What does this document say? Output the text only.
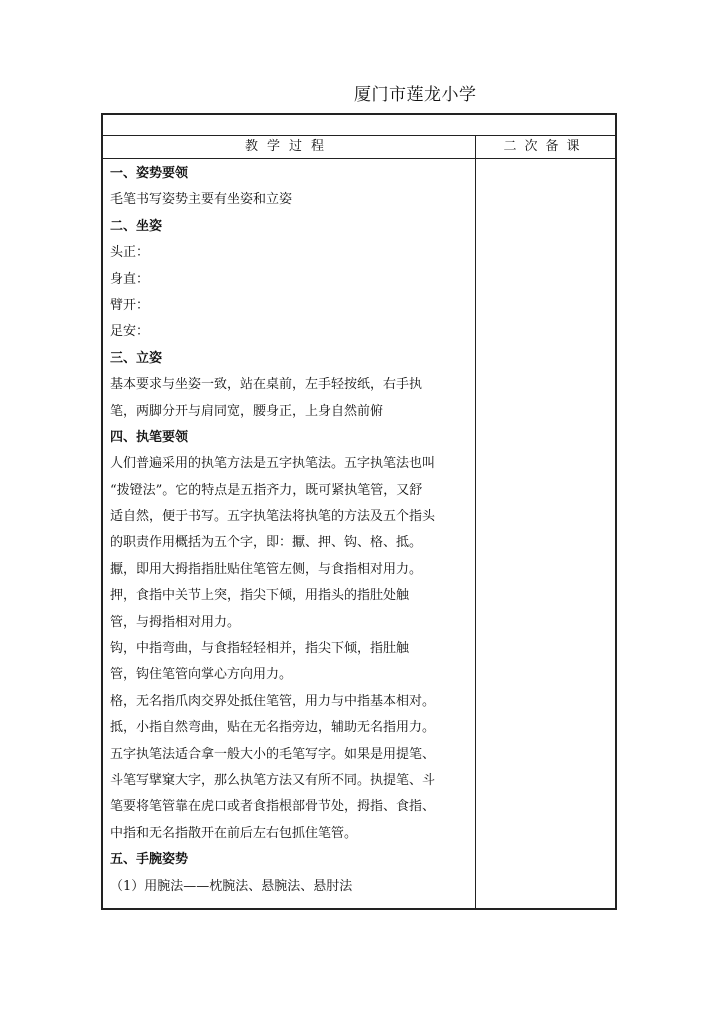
厦门市莲龙小学
教学过程	二次备课
一、姿势要领
毛笔书写姿势主要有坐姿和立姿
二、坐姿
头正：
身直：
臂开：
足安：
三、立姿
基本要求与坐姿一致，站在桌前，左手轻按纸，右手执
笔，两脚分开与肩同宽，腰身正，上身自然前俯
四、执笔要领
人们普遍采用的执笔方法是五字执笔法。五字执笔法也叫
“拨镫法”。它的特点是五指齐力，既可紧执笔管，又舒
适自然，便于书写。五字执笔法将执笔的方法及五个指头
的职责作用概括为五个字，即：擫、押、钩、格、抵。
擫，即用大拇指指肚贴住笔管左侧，与食指相对用力。
押，食指中关节上突，指尖下倾，用指头的指肚处触
管，与拇指相对用力。
钩，中指弯曲，与食指轻轻相并，指尖下倾，指肚触
管，钩住笔管向掌心方向用力。
格，无名指爪肉交界处抵住笔管，用力与中指基本相对。
抵，小指自然弯曲，贴在无名指旁边，辅助无名指用力。
五字执笔法适合拿一般大小的毛笔写字。如果是用提笔、
斗笔写擘窠大字，那么执笔方法又有所不同。执提笔、斗
笔要将笔管靠在虎口或者食指根部骨节处，拇指、食指、
中指和无名指散开在前后左右包抓住笔管。
五、手腕姿势
（1）用腕法——枕腕法、悬腕法、悬肘法
